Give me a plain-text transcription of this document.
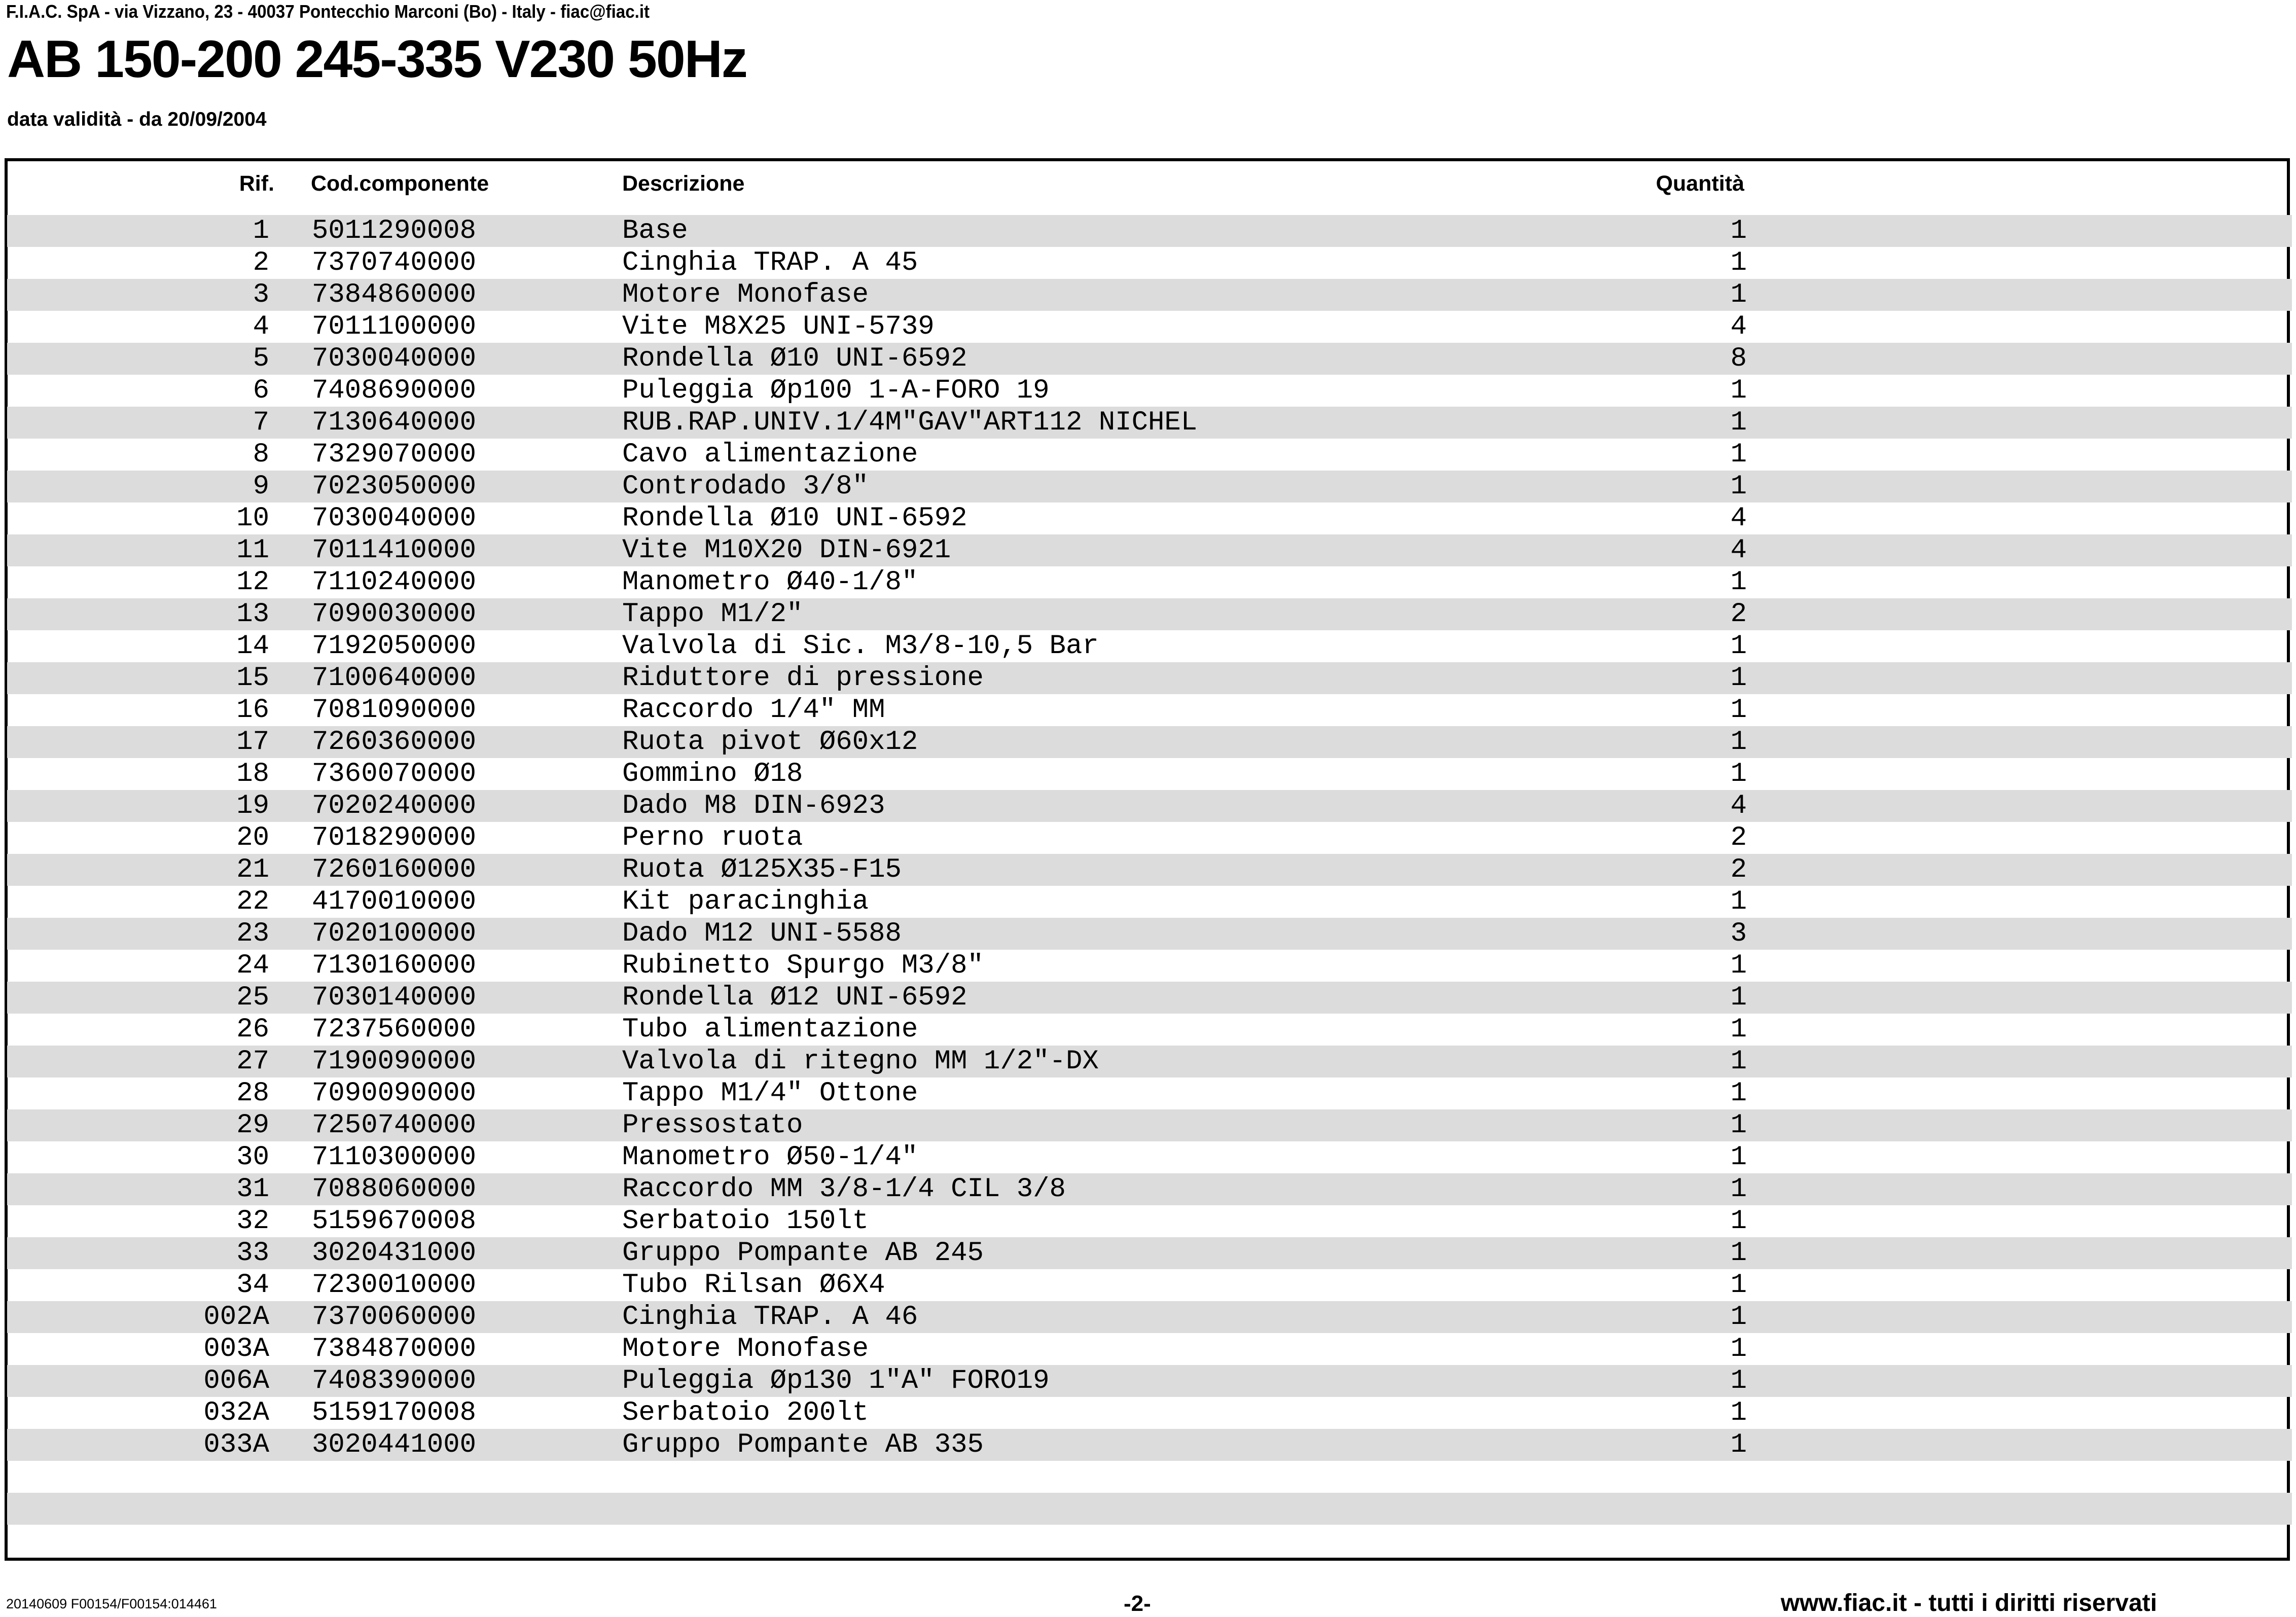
F.I.A.C. SpA - via Vizzano, 23 - 40037 Pontecchio Marconi (Bo) - Italy - fiac@fiac.it
AB 150-200 245-335 V230 50Hz
data validità - da 20/09/2004
Rif. Cod.componente	Descrizione	Quantità
1 5011290008	Base	1
2 7370740000	Cinghia TRAP. A 45	1
3 7384860000	Motore Monofase	1
4 7011100000	Vite M8X25 UNI-5739	4
5 7030040000	Rondella Ø10 UNI-6592	8
6 7408690000	Puleggia Øp100 1-A-FORO 19	1
7 7130640000	RUB.RAP.UNIV.1/4M"GAV"ART112 NICHEL	1
8 7329070000	Cavo alimentazione	1
9 7023050000	Controdado 3/8"	1
10 7030040000	Rondella Ø10 UNI-6592	4
11 7011410000	Vite M10X20 DIN-6921	4
12 7110240000	Manometro Ø40-1/8"	1
13 7090030000	Tappo M1/2"	2
14 7192050000	Valvola di Sic. M3/8-10,5 Bar	1
15 7100640000	Riduttore di pressione	1
16 7081090000	Raccordo 1/4" MM	1
17 7260360000	Ruota pivot Ø60x12	1
18 7360070000	Gommino Ø18	1
19 7020240000	Dado M8 DIN-6923	4
20 7018290000	Perno ruota	2
21 7260160000	Ruota Ø125X35-F15	2
22 4170010000	Kit paracinghia	1
23 7020100000	Dado M12 UNI-5588	3
24 7130160000	Rubinetto Spurgo M3/8"	1
25 7030140000	Rondella Ø12 UNI-6592	1
26 7237560000	Tubo alimentazione	1
27 7190090000	Valvola di ritegno MM 1/2"-DX	1
28 7090090000	Tappo M1/4" Ottone	1
29 7250740000	Pressostato	1
30 7110300000	Manometro Ø50-1/4"	1
31 7088060000	Raccordo MM 3/8-1/4 CIL 3/8	1
32 5159670008	Serbatoio 150lt	1
33 3020431000	Gruppo Pompante AB 245	1
34 7230010000	Tubo Rilsan Ø6X4	1
002A 7370060000	Cinghia TRAP. A 46	1
003A 7384870000	Motore Monofase	1
006A 7408390000	Puleggia Øp130 1"A" FORO19	1
032A 5159170008	Serbatoio 200lt	1
033A 3020441000	Gruppo Pompante AB 335	1
20140609 F00154/F00154:014461	-2-	www.fiac.it - tutti i diritti riservati
